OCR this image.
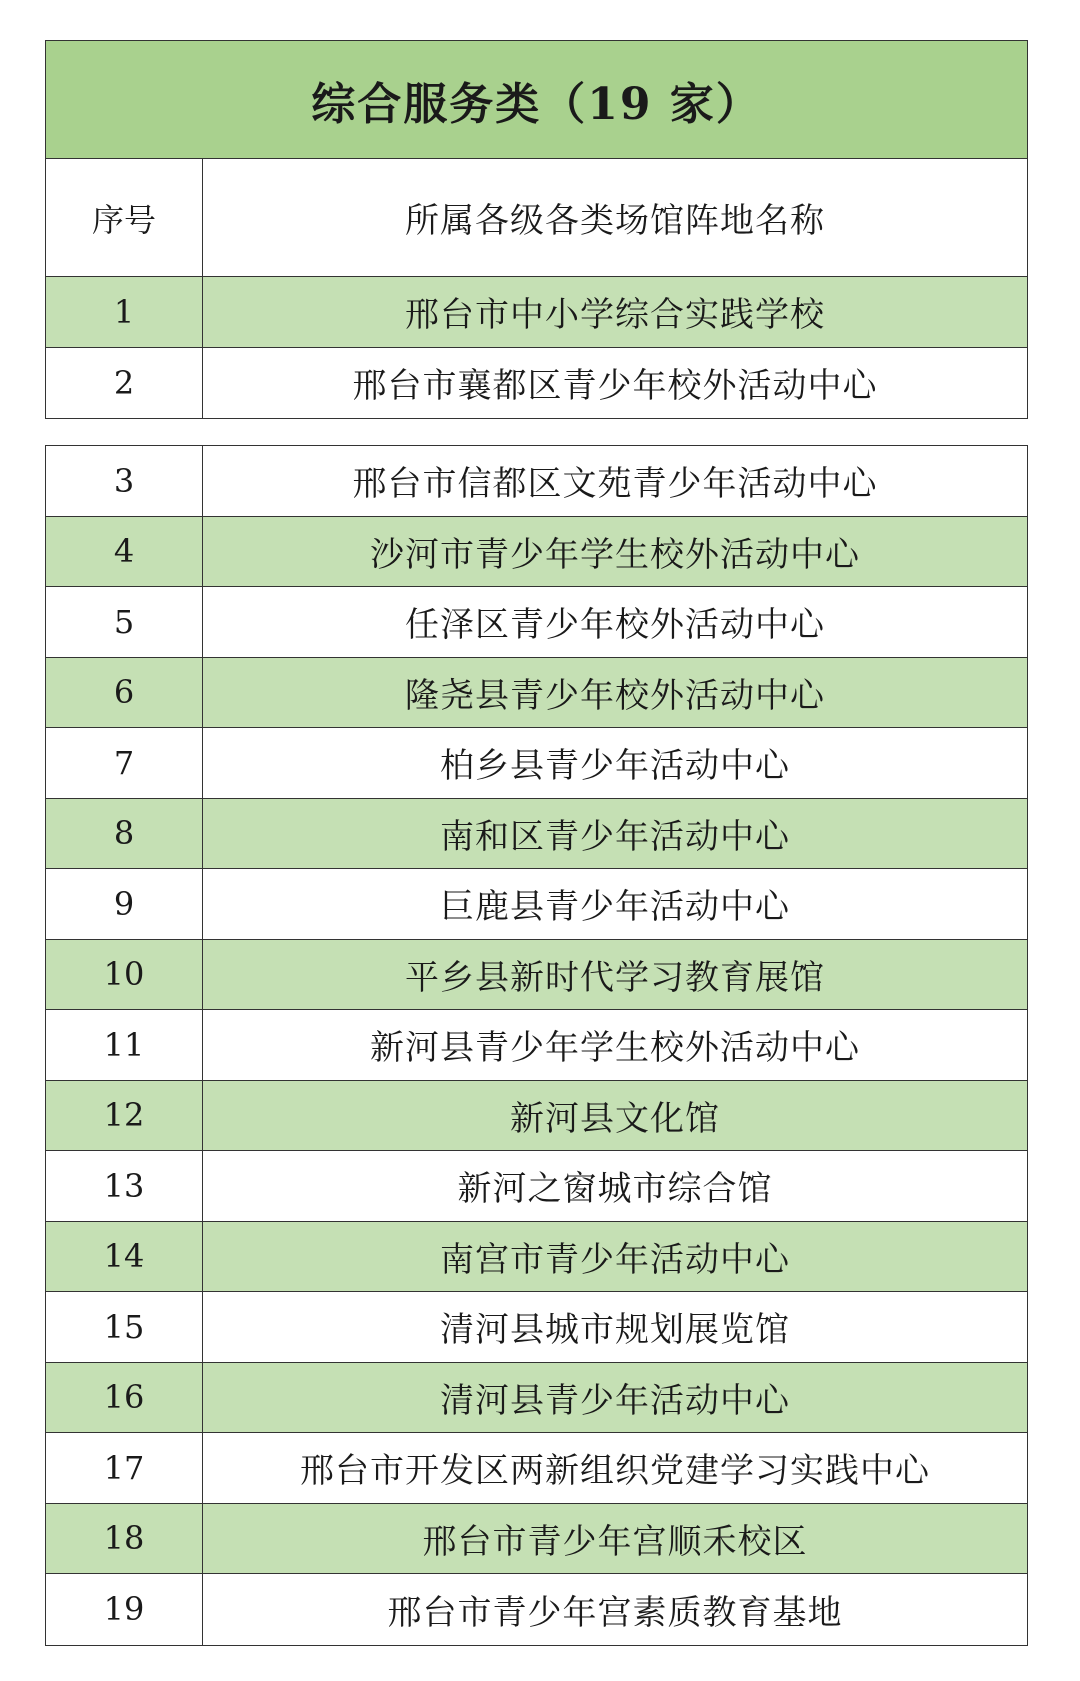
综合服务类（19 家）
序号	所属各级各类场馆阵地名称
1	邢台市中小学综合实践学校
2	邢台市襄都区青少年校外活动中心
3	邢台市信都区文苑青少年活动中心
4	沙河市青少年学生校外活动中心
5	任泽区青少年校外活动中心
6	隆尧县青少年校外活动中心
7	柏乡县青少年活动中心
8	南和区青少年活动中心
9	巨鹿县青少年活动中心
10	平乡县新时代学习教育展馆
11	新河县青少年学生校外活动中心
12	新河县文化馆
13	新河之窗城市综合馆
14	南宫市青少年活动中心
15	清河县城市规划展览馆
16	清河县青少年活动中心
17	邢台市开发区两新组织党建学习实践中心
18	邢台市青少年宫顺禾校区
19	邢台市青少年宫素质教育基地
